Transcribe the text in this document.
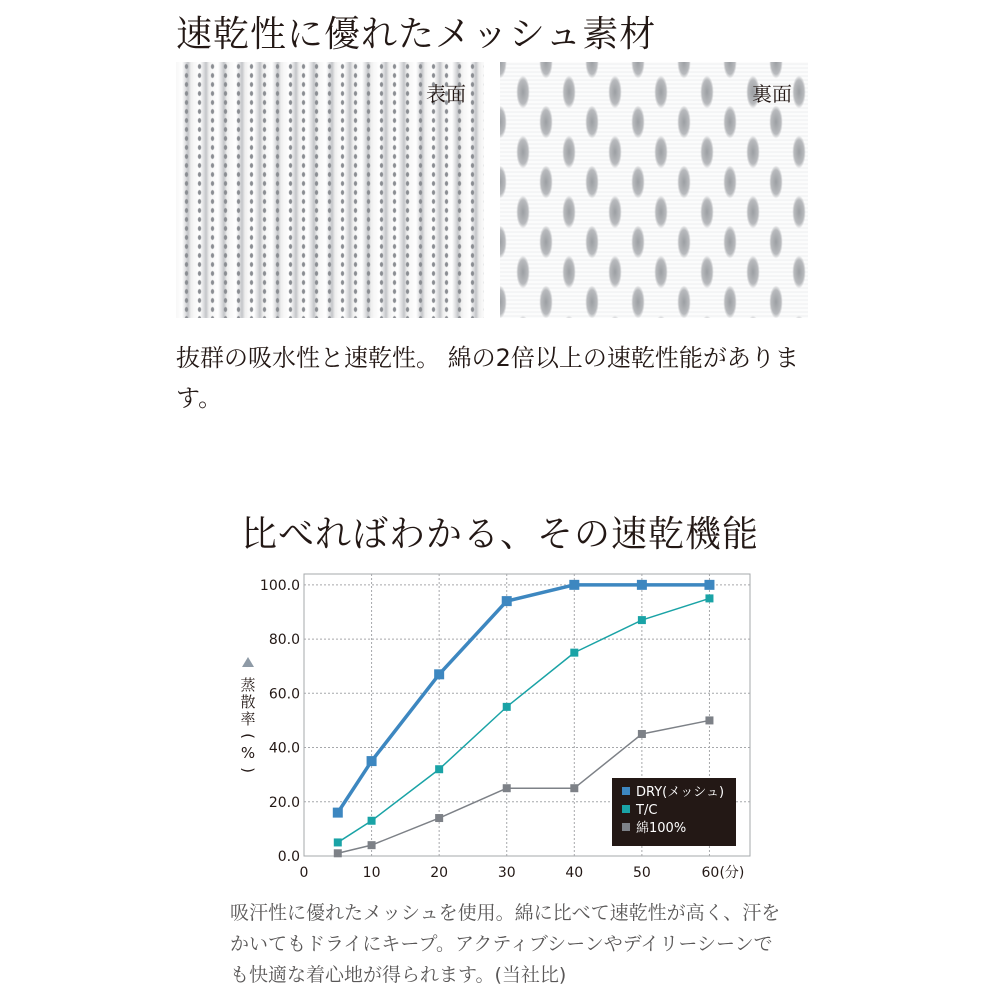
速乾性に優れたメッシュ素材
表面	裏面
抜群の吸水性と速乾性。 綿の2倍以上の速乾性能があります。
比べればわかる、その速乾機能
0.0
20.0
40.0
60.0
80.0
100.0
0	10	20	30	40	50	60 (分)
蒸
散
率
(
%
)
DRY(メッシュ)
T/C
綿100%
吸汗性に優れたメッシュを使用。綿に比べて速乾性が高く、汗をかいてもドライにキープ。アクティブシーンやデイリーシーンでも快適な着心地が得られます。(当社比)
